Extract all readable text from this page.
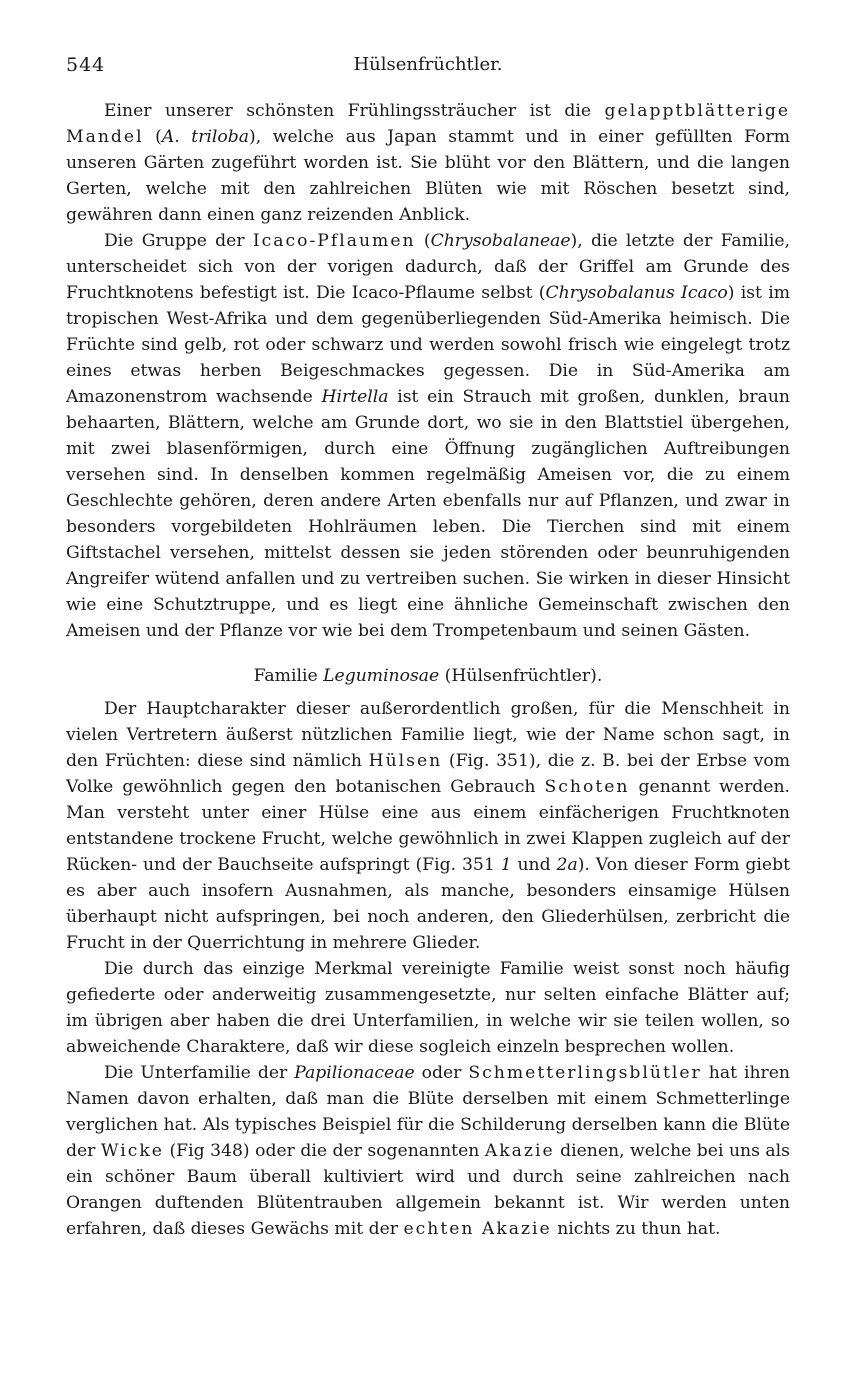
544	Hülsenfrüchtler.

Einer unserer schönsten Frühlingssträucher ist die gelapptblätterige Mandel (A. triloba), welche aus Japan stammt und in einer gefüllten Form unseren Gärten zugeführt worden ist. Sie blüht vor den Blättern, und die langen Gerten, welche mit den zahlreichen Blüten wie mit Röschen besetzt sind, gewähren dann einen ganz reizenden Anblick.

Die Gruppe der Icaco-Pflaumen (Chrysobalaneae), die letzte der Familie, unterscheidet sich von der vorigen dadurch, daß der Griffel am Grunde des Fruchtknotens befestigt ist. Die Icaco-Pflaume selbst (Chrysobalanus Icaco) ist im tropischen West-Afrika und dem gegenüberliegenden Süd-Amerika heimisch. Die Früchte sind gelb, rot oder schwarz und werden sowohl frisch wie eingelegt trotz eines etwas herben Beigeschmackes gegessen. Die in Süd-Amerika am Amazonenstrom wachsende Hirtella ist ein Strauch mit großen, dunklen, braun behaarten, Blättern, welche am Grunde dort, wo sie in den Blattstiel übergehen, mit zwei blasenförmigen, durch eine Öffnung zugänglichen Auftreibungen versehen sind. In denselben kommen regelmäßig Ameisen vor, die zu einem Geschlechte gehören, deren andere Arten ebenfalls nur auf Pflanzen, und zwar in besonders vorgebildeten Hohlräumen leben. Die Tierchen sind mit einem Giftstachel versehen, mittelst dessen sie jeden störenden oder beunruhigenden Angreifer wütend anfallen und zu vertreiben suchen. Sie wirken in dieser Hinsicht wie eine Schutztruppe, und es liegt eine ähnliche Gemeinschaft zwischen den Ameisen und der Pflanze vor wie bei dem Trompetenbaum und seinen Gästen.

Familie Leguminosae (Hülsenfrüchtler).

Der Hauptcharakter dieser außerordentlich großen, für die Menschheit in vielen Vertretern äußerst nützlichen Familie liegt, wie der Name schon sagt, in den Früchten: diese sind nämlich Hülsen (Fig. 351), die z. B. bei der Erbse vom Volke gewöhnlich gegen den botanischen Gebrauch Schoten genannt werden. Man versteht unter einer Hülse eine aus einem einfächerigen Fruchtknoten entstandene trockene Frucht, welche gewöhnlich in zwei Klappen zugleich auf der Rücken- und der Bauchseite aufspringt (Fig. 351 1 und 2a). Von dieser Form giebt es aber auch insofern Ausnahmen, als manche, besonders einsamige Hülsen überhaupt nicht aufspringen, bei noch anderen, den Gliederhülsen, zerbricht die Frucht in der Querrichtung in mehrere Glieder.

Die durch das einzige Merkmal vereinigte Familie weist sonst noch häufig gefiederte oder anderweitig zusammengesetzte, nur selten einfache Blätter auf; im übrigen aber haben die drei Unterfamilien, in welche wir sie teilen wollen, so abweichende Charaktere, daß wir diese sogleich einzeln besprechen wollen.

Die Unterfamilie der Papilionaceae oder Schmetterlingsblütler hat ihren Namen davon erhalten, daß man die Blüte derselben mit einem Schmetterlinge verglichen hat. Als typisches Beispiel für die Schilderung derselben kann die Blüte der Wicke (Fig 348) oder die der sogenannten Akazie dienen, welche bei uns als ein schöner Baum überall kultiviert wird und durch seine zahlreichen nach Orangen duftenden Blütentrauben allgemein bekannt ist. Wir werden unten erfahren, daß dieses Gewächs mit der echten Akazie nichts zu thun hat.
